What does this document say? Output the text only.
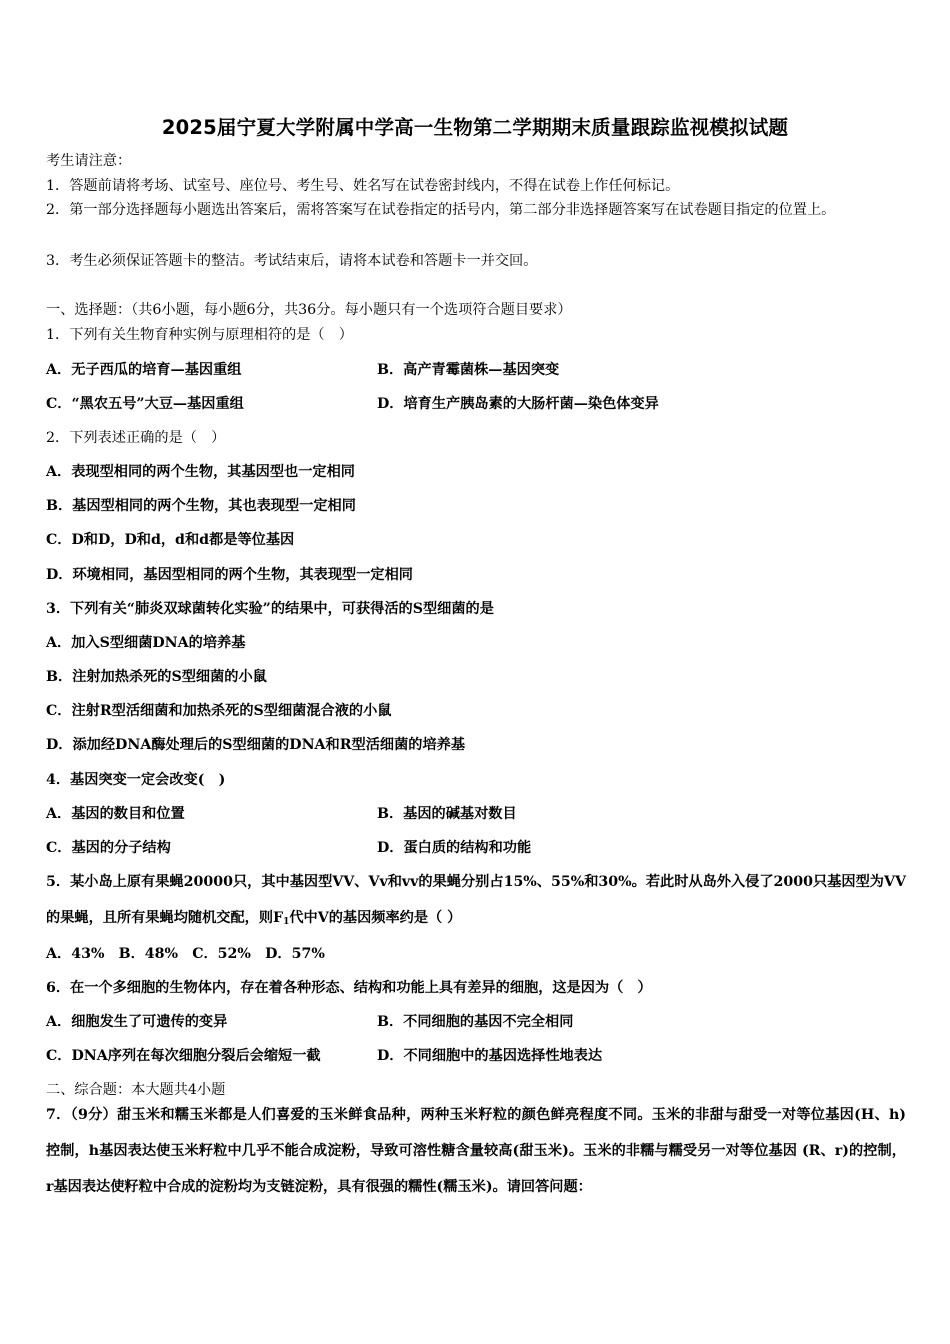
2025届宁夏大学附属中学高一生物第二学期期末质量跟踪监视模拟试题
考生请注意：
1．答题前请将考场、试室号、座位号、考生号、姓名写在试卷密封线内，不得在试卷上作任何标记。
2．第一部分选择题每小题选出答案后，需将答案写在试卷指定的括号内，第二部分非选择题答案写在试卷题目指定的位置上。
3．考生必须保证答题卡的整洁。考试结束后，请将本试卷和答题卡一并交回。
一、选择题：（共6小题，每小题6分，共36分。每小题只有一个选项符合题目要求）
1．下列有关生物育种实例与原理相符的是（　）
A．无子西瓜的培育—基因重组	B．高产青霉菌株—基因突变
C．“黑农五号”大豆—基因重组	D．培育生产胰岛素的大肠杆菌—染色体变异
2．下列表述正确的是（　）
A．表现型相同的两个生物，其基因型也一定相同
B．基因型相同的两个生物，其也表现型一定相同
C．D和D，D和d，d和d都是等位基因
D．环境相同，基因型相同的两个生物，其表现型一定相同
3．下列有关“肺炎双球菌转化实验”的结果中，可获得活的S型细菌的是
A．加入S型细菌DNA的培养基
B．注射加热杀死的S型细菌的小鼠
C．注射R型活细菌和加热杀死的S型细菌混合液的小鼠
D．添加经DNA酶处理后的S型细菌的DNA和R型活细菌的培养基
4．基因突变一定会改变(　)
A．基因的数目和位置	B．基因的碱基对数目
C．基因的分子结构	D．蛋白质的结构和功能
5．某小岛上原有果蝇20000只，其中基因型VV、Vv和vv的果蝇分别占15%、55%和30%。若此时从岛外入侵了2000只基因型为VV的果蝇，且所有果蝇均随机交配，则$F_1$代中V的基因频率约是（ ）
A．43%　B．48%　C．52%　D．57%
6．在一个多细胞的生物体内，存在着各种形态、结构和功能上具有差异的细胞，这是因为（　）
A．细胞发生了可遗传的变异	B．不同细胞的基因不完全相同
C．DNA序列在每次细胞分裂后会缩短一截	D．不同细胞中的基因选择性地表达
二、综合题：本大题共4小题
7．（9分）甜玉米和糯玉米都是人们喜爱的玉米鲜食品种，两种玉米籽粒的颜色鲜亮程度不同。玉米的非甜与甜受一对等位基因(H、h) 控制，h基因表达使玉米籽粒中几乎不能合成淀粉，导致可溶性糖含量较高(甜玉米)。玉米的非糯与糯受另一对等位基因 (R、r)的控制，r基因表达使籽粒中合成的淀粉均为支链淀粉，具有很强的糯性(糯玉米)。请回答问题：
